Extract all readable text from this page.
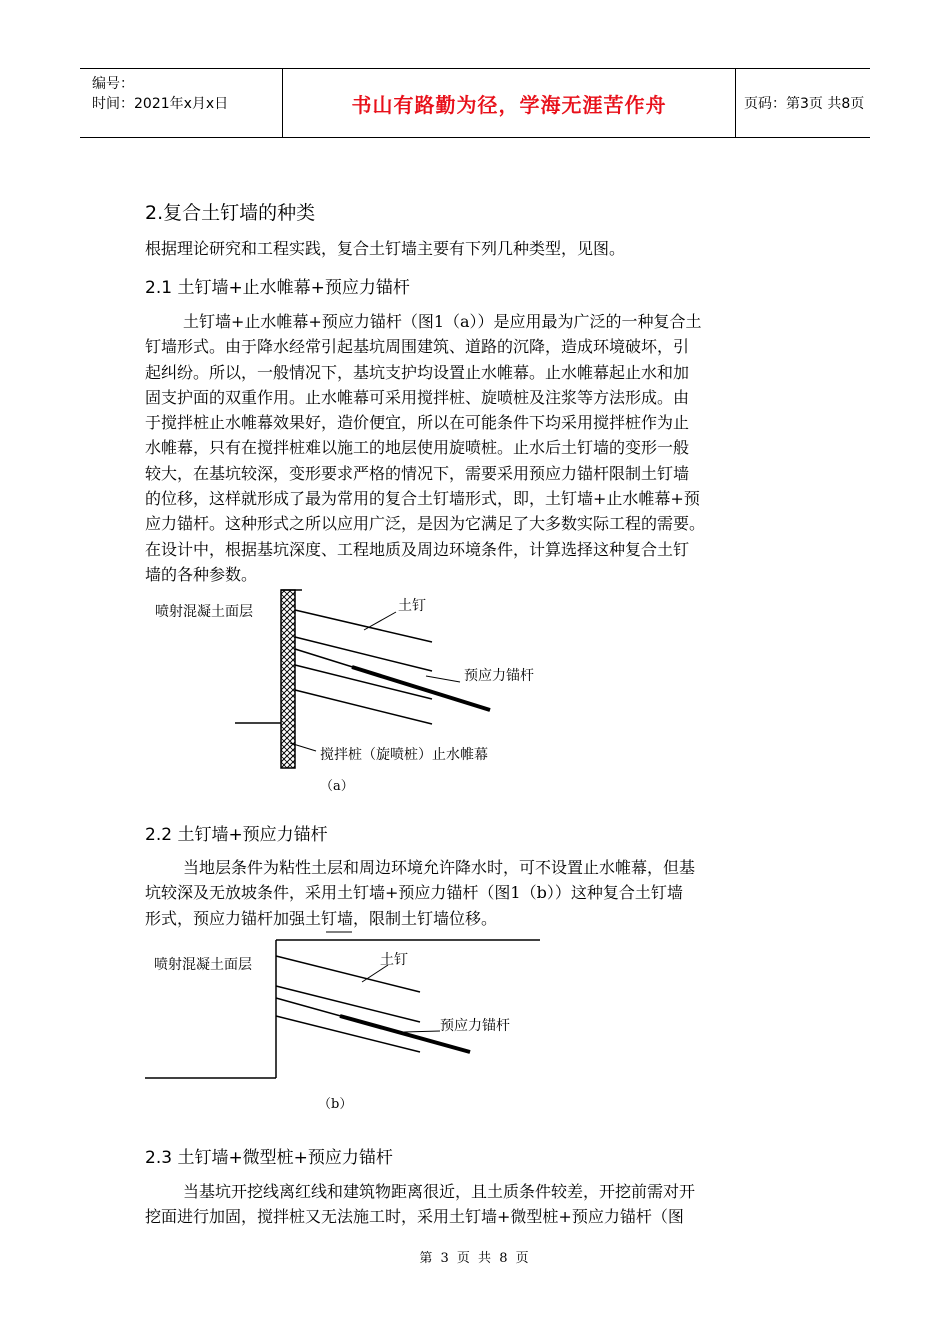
编号：
时间：2021年x月x日	书山有路勤为径，学海无涯苦作舟	页码：第3页 共8页
2.复合土钉墙的种类
根据理论研究和工程实践，复合土钉墙主要有下列几种类型，见图。
2.1 土钉墙+止水帷幕+预应力锚杆
土钉墙+止水帷幕+预应力锚杆（图1（a））是应用最为广泛的一种复合土
钉墙形式。由于降水经常引起基坑周围建筑、道路的沉降，造成环境破坏，引
起纠纷。所以，一般情况下，基坑支护均设置止水帷幕。止水帷幕起止水和加
固支护面的双重作用。止水帷幕可采用搅拌桩、旋喷桩及注浆等方法形成。由
于搅拌桩止水帷幕效果好，造价便宜，所以在可能条件下均采用搅拌桩作为止
水帷幕，只有在搅拌桩难以施工的地层使用旋喷桩。止水后土钉墙的变形一般
较大，在基坑较深，变形要求严格的情况下，需要采用预应力锚杆限制土钉墙
的位移，这样就形成了最为常用的复合土钉墙形式，即，土钉墙+止水帷幕+预
应力锚杆。这种形式之所以应用广泛，是因为它满足了大多数实际工程的需要。
在设计中，根据基坑深度、工程地质及周边环境条件，计算选择这种复合土钉
墙的各种参数。
喷射混凝土面层	土钉
预应力锚杆
搅拌桩（旋喷桩）止水帷幕
（a）
2.2 土钉墙+预应力锚杆
当地层条件为粘性土层和周边环境允许降水时，可不设置止水帷幕，但基
坑较深及无放坡条件，采用土钉墙+预应力锚杆（图1（b））这种复合土钉墙
形式，预应力锚杆加强土钉墙，限制土钉墙位移。
喷射混凝土面层	土钉
预应力锚杆
（b）
2.3 土钉墙+微型桩+预应力锚杆
当基坑开挖线离红线和建筑物距离很近，且土质条件较差，开挖前需对开
挖面进行加固，搅拌桩又无法施工时，采用土钉墙+微型桩+预应力锚杆（图
第 3 页 共 8 页
